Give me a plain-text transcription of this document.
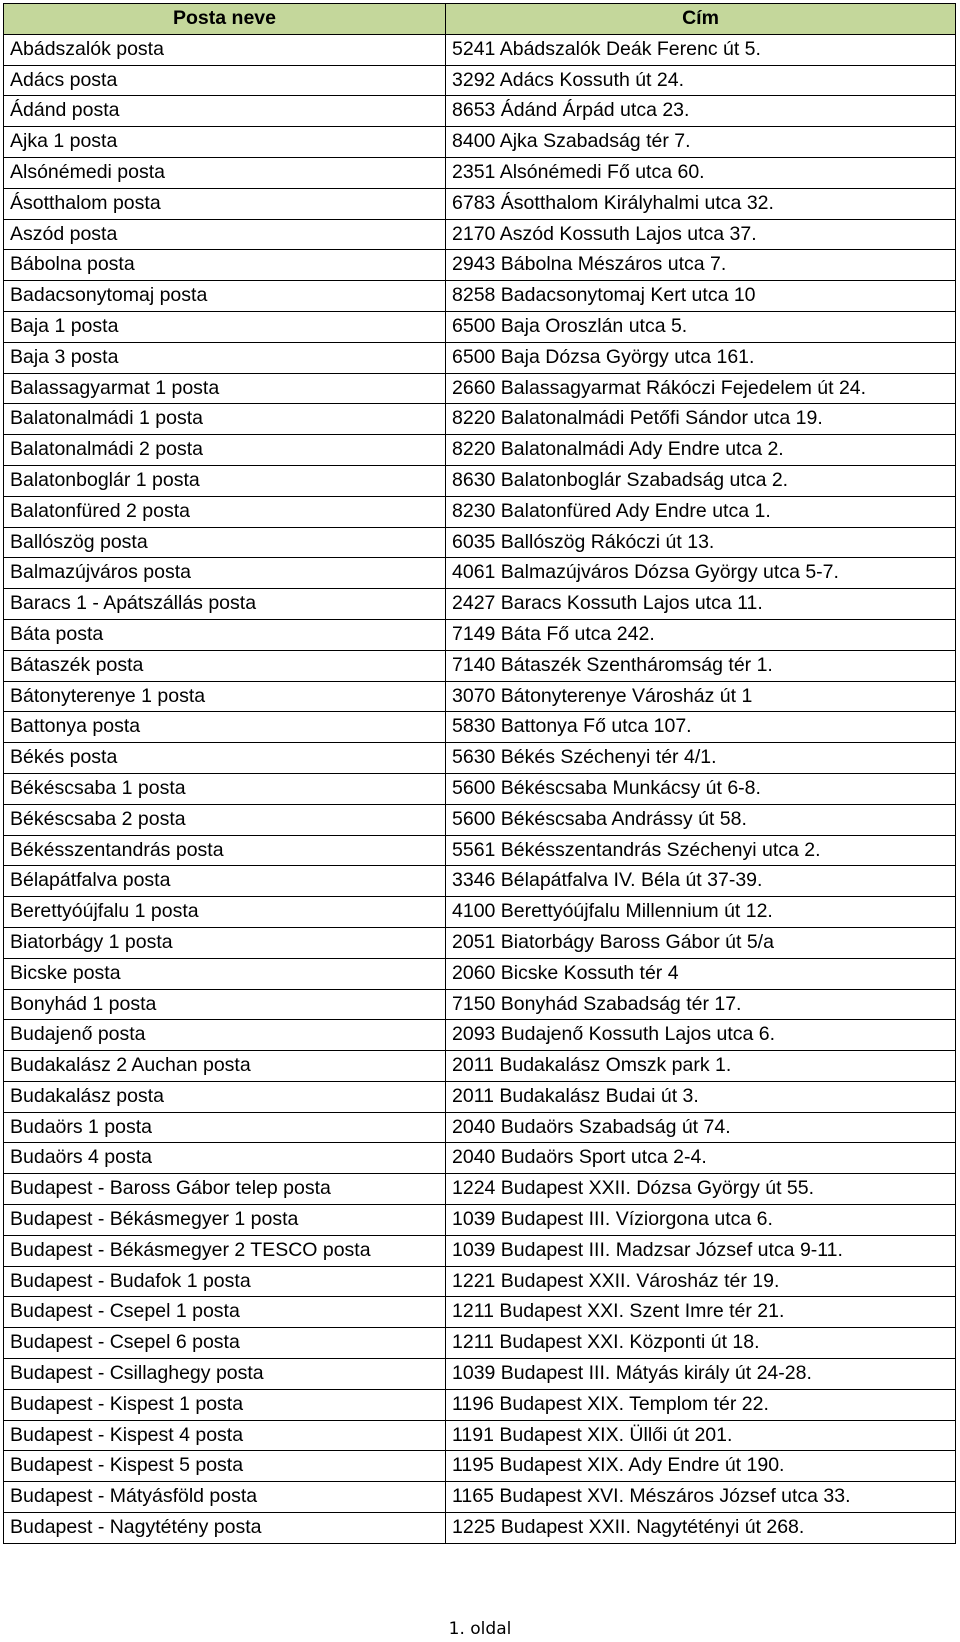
Posta neve	Cím
Abádszalók posta	5241 Abádszalók Deák Ferenc út 5.
Adács posta	3292 Adács Kossuth út 24.
Ádánd posta	8653 Ádánd Árpád utca 23.
Ajka 1 posta	8400 Ajka Szabadság tér 7.
Alsónémedi posta	2351 Alsónémedi Fő utca 60.
Ásotthalom posta	6783 Ásotthalom Királyhalmi utca 32.
Aszód posta	2170 Aszód Kossuth Lajos utca 37.
Bábolna posta	2943 Bábolna Mészáros utca 7.
Badacsonytomaj posta	8258 Badacsonytomaj Kert utca 10
Baja 1 posta	6500 Baja Oroszlán utca 5.
Baja 3 posta	6500 Baja Dózsa György utca 161.
Balassagyarmat 1 posta	2660 Balassagyarmat Rákóczi Fejedelem út 24.
Balatonalmádi 1 posta	8220 Balatonalmádi Petőfi Sándor utca 19.
Balatonalmádi 2 posta	8220 Balatonalmádi Ady Endre utca 2.
Balatonboglár 1 posta	8630 Balatonboglár Szabadság utca 2.
Balatonfüred 2 posta	8230 Balatonfüred Ady Endre utca 1.
Ballószög posta	6035 Ballószög Rákóczi út 13.
Balmazújváros posta	4061 Balmazújváros Dózsa György utca 5-7.
Baracs 1 - Apátszállás posta	2427 Baracs Kossuth Lajos utca 11.
Báta posta	7149 Báta Fő utca 242.
Bátaszék posta	7140 Bátaszék Szentháromság tér 1.
Bátonyterenye 1 posta	3070 Bátonyterenye Városház út 1
Battonya posta	5830 Battonya Fő utca 107.
Békés posta	5630 Békés Széchenyi tér 4/1.
Békéscsaba 1 posta	5600 Békéscsaba Munkácsy út 6-8.
Békéscsaba 2 posta	5600 Békéscsaba Andrássy út 58.
Békésszentandrás posta	5561 Békésszentandrás Széchenyi utca 2.
Bélapátfalva posta	3346 Bélapátfalva IV. Béla út 37-39.
Berettyóújfalu 1 posta	4100 Berettyóújfalu Millennium út 12.
Biatorbágy 1 posta	2051 Biatorbágy Baross Gábor út 5/a
Bicske posta	2060 Bicske Kossuth tér 4
Bonyhád 1 posta	7150 Bonyhád Szabadság tér 17.
Budajenő posta	2093 Budajenő Kossuth Lajos utca 6.
Budakalász 2 Auchan posta	2011 Budakalász Omszk park 1.
Budakalász posta	2011 Budakalász Budai út 3.
Budaörs 1 posta	2040 Budaörs Szabadság út 74.
Budaörs 4 posta	2040 Budaörs Sport utca 2-4.
Budapest - Baross Gábor telep posta	1224 Budapest XXII. Dózsa György út 55.
Budapest - Békásmegyer 1 posta	1039 Budapest III. Víziorgona utca 6.
Budapest - Békásmegyer 2 TESCO posta	1039 Budapest III. Madzsar József utca 9-11.
Budapest - Budafok 1 posta	1221 Budapest XXII. Városház tér 19.
Budapest - Csepel 1 posta	1211 Budapest XXI. Szent Imre tér 21.
Budapest - Csepel 6 posta	1211 Budapest XXI. Központi út 18.
Budapest - Csillaghegy posta	1039 Budapest III. Mátyás király út 24-28.
Budapest - Kispest 1 posta	1196 Budapest XIX. Templom tér 22.
Budapest - Kispest 4 posta	1191 Budapest XIX. Üllői út 201.
Budapest - Kispest 5 posta	1195 Budapest XIX. Ady Endre út 190.
Budapest - Mátyásföld posta	1165 Budapest XVI. Mészáros József utca 33.
Budapest - Nagytétény posta	1225 Budapest XXII. Nagytétényi út 268.
1. oldal
